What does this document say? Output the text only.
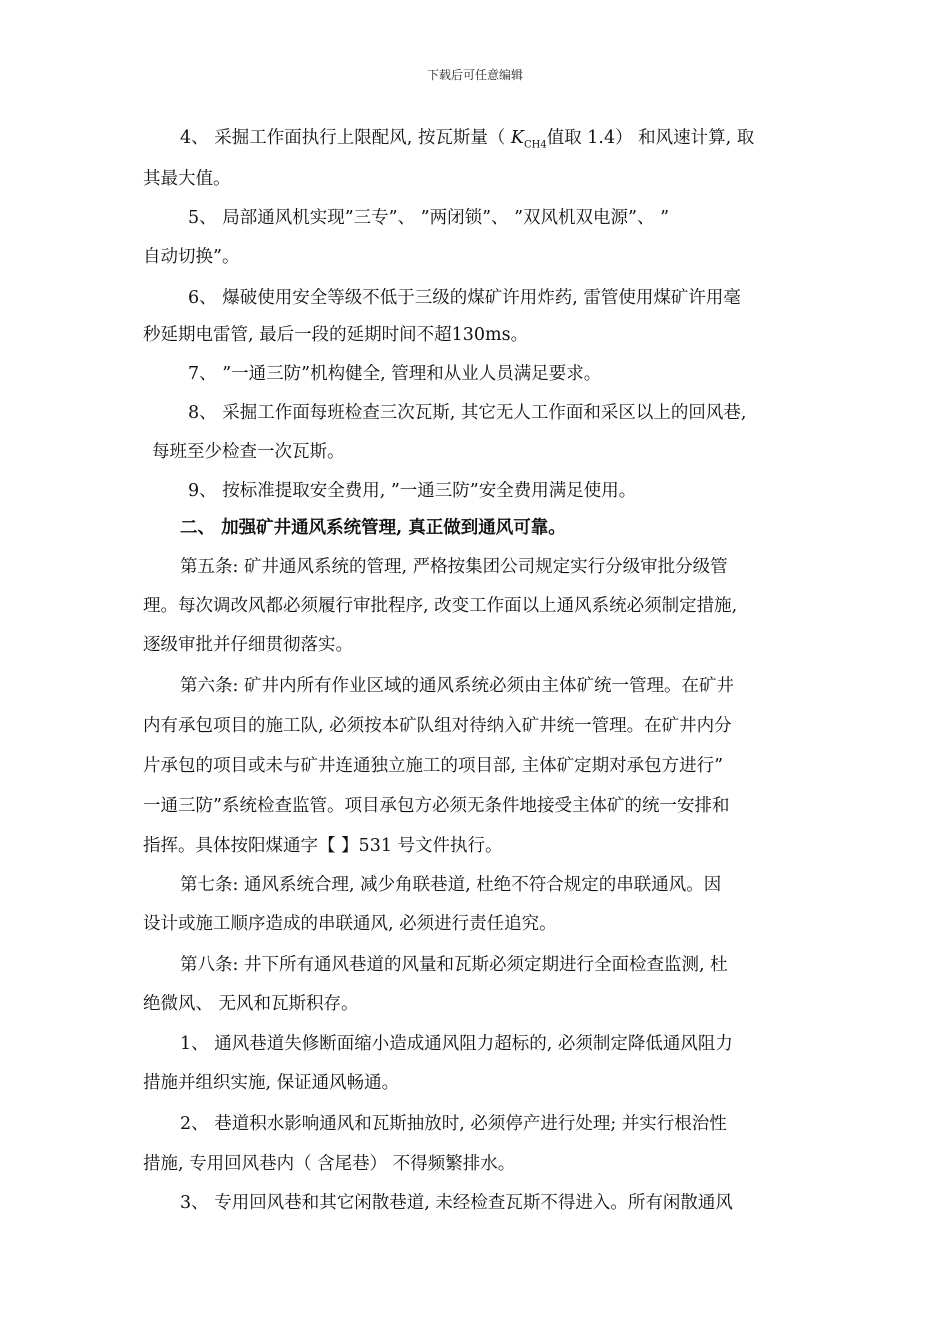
下载后可任意编辑
4、 采掘工作面执行上限配风, 按瓦斯量（ $K_{CH4}$值取 1.4） 和风速计算, 取
其最大值。
5、 局部通风机实现”三专”、 ”两闭锁”、 ”双风机双电源”、 ”
自动切换”。
6、 爆破使用安全等级不低于三级的煤矿许用炸药, 雷管使用煤矿许用毫
秒延期电雷管, 最后一段的延期时间不超130ms。
7、 ”一通三防”机构健全, 管理和从业人员满足要求。
8、 采掘工作面每班检查三次瓦斯, 其它无人工作面和采区以上的回风巷,
每班至少检查一次瓦斯。
9、 按标准提取安全费用, ”一通三防”安全费用满足使用。
二、 加强矿井通风系统管理, 真正做到通风可靠。
第五条: 矿井通风系统的管理, 严格按集团公司规定实行分级审批分级管
理。每次调改风都必须履行审批程序, 改变工作面以上通风系统必须制定措施,
逐级审批并仔细贯彻落实。
第六条: 矿井内所有作业区域的通风系统必须由主体矿统一管理。在矿井
内有承包项目的施工队, 必须按本矿队组对待纳入矿井统一管理。在矿井内分
片承包的项目或未与矿井连通独立施工的项目部, 主体矿定期对承包方进行”
一通三防”系统检查监管。项目承包方必须无条件地接受主体矿的统一安排和
指挥。具体按阳煤通字【 】531 号文件执行。
第七条: 通风系统合理, 减少角联巷道, 杜绝不符合规定的串联通风。因
设计或施工顺序造成的串联通风, 必须进行责任追究。
第八条: 井下所有通风巷道的风量和瓦斯必须定期进行全面检查监测, 杜
绝微风、 无风和瓦斯积存。
1、 通风巷道失修断面缩小造成通风阻力超标的, 必须制定降低通风阻力
措施并组织实施, 保证通风畅通。
2、 巷道积水影响通风和瓦斯抽放时, 必须停产进行处理; 并实行根治性
措施, 专用回风巷内（ 含尾巷） 不得频繁排水。
3、 专用回风巷和其它闲散巷道, 未经检查瓦斯不得进入。所有闲散通风
